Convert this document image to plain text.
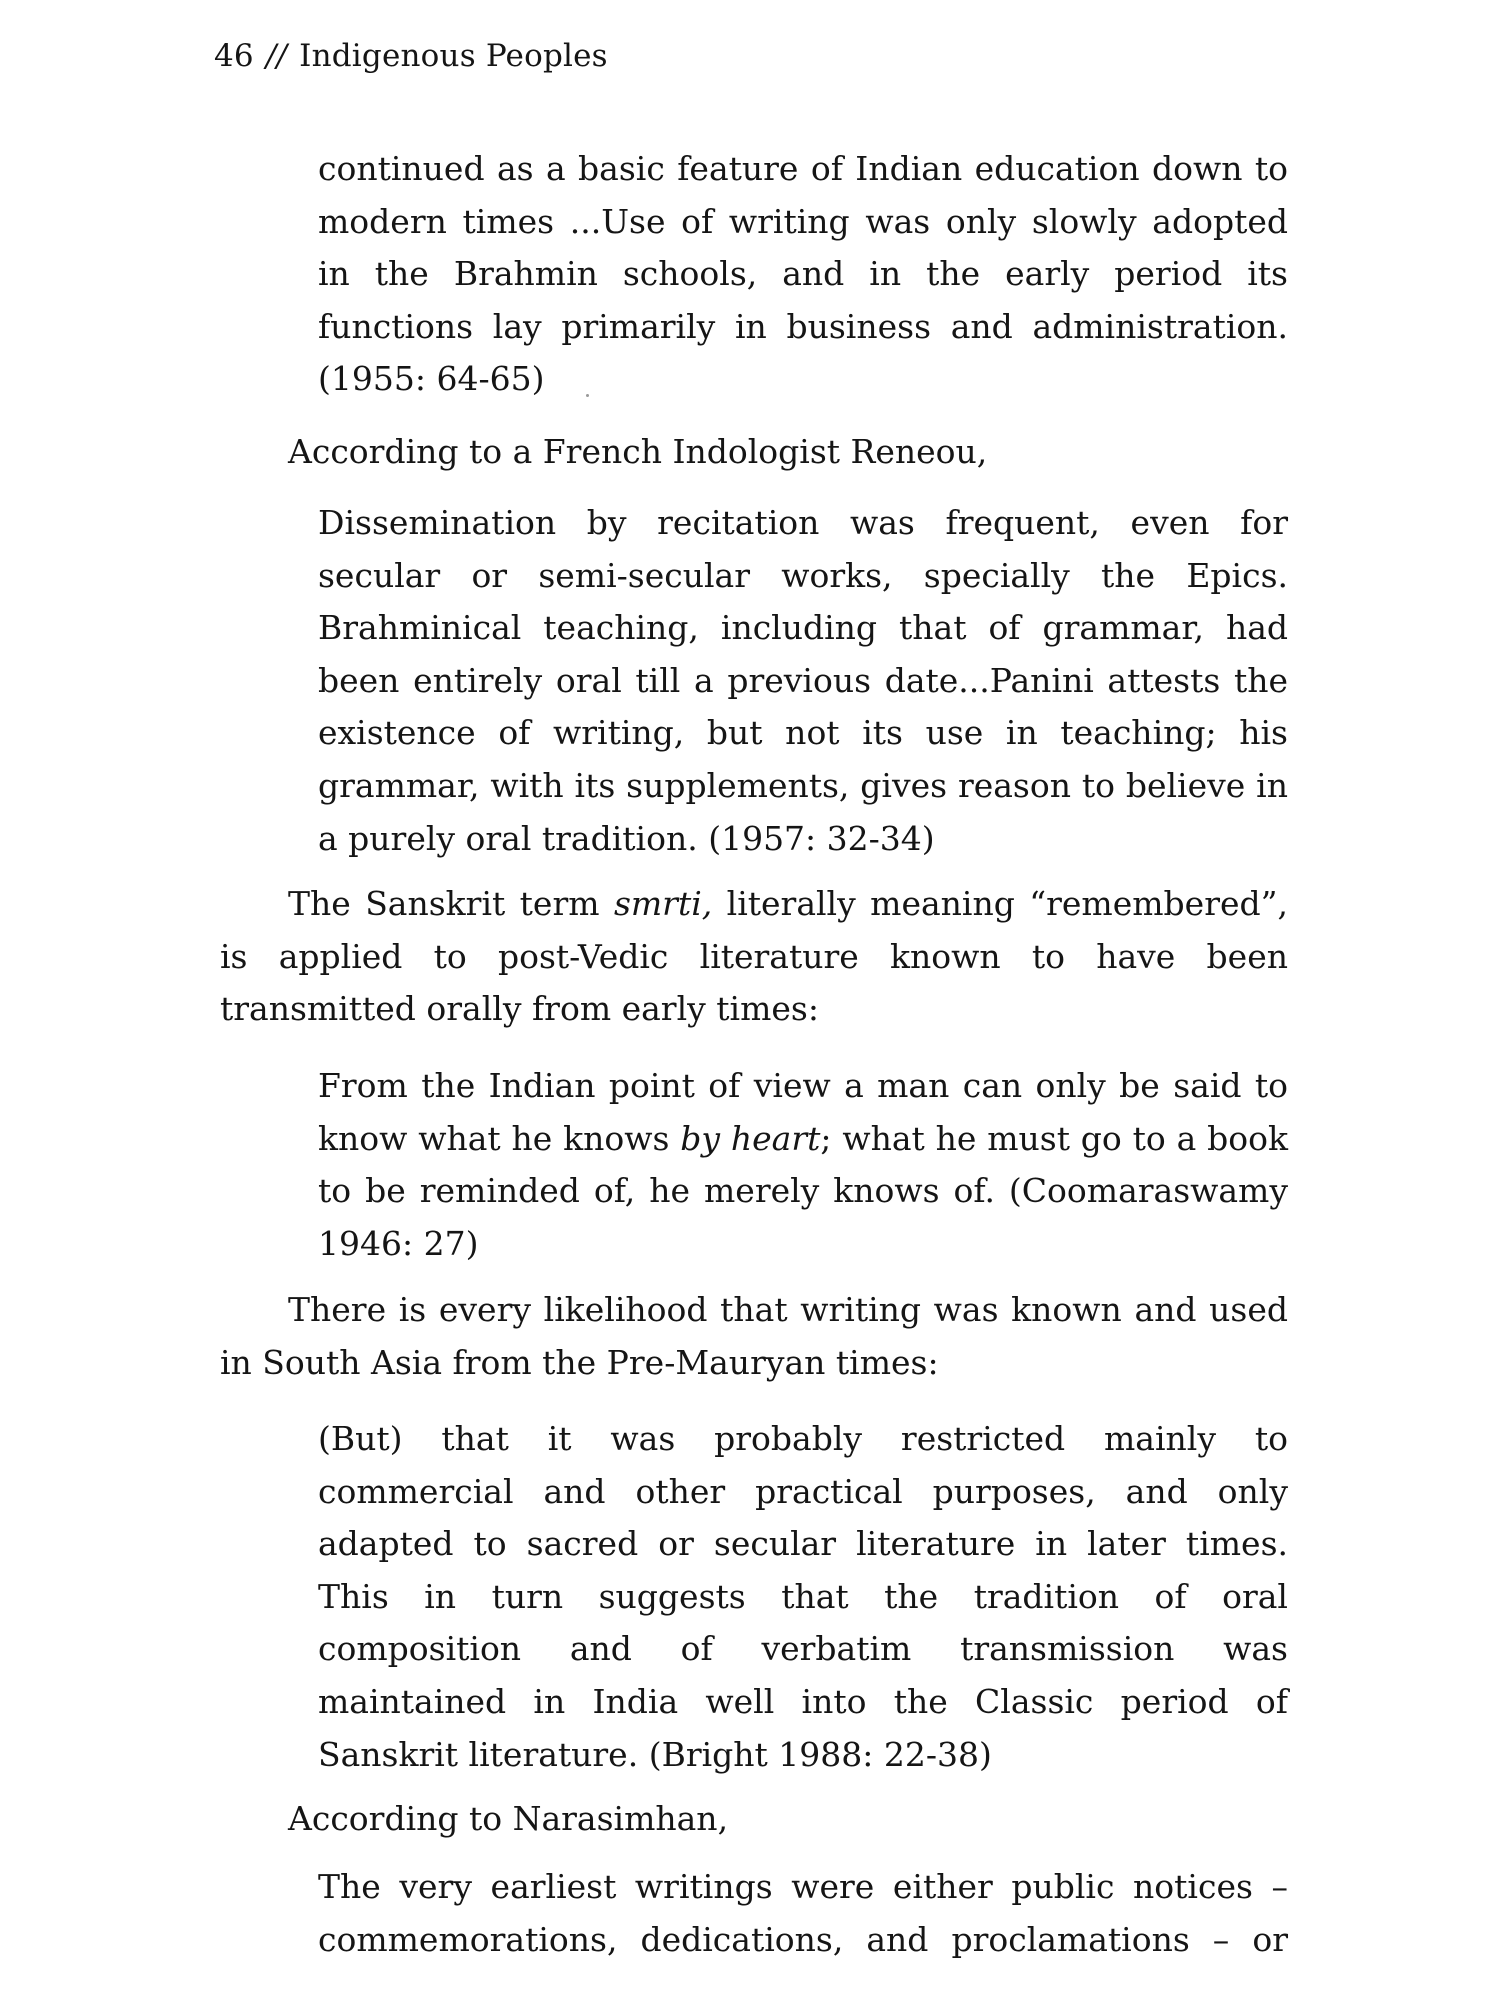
46 // Indigenous Peoples

continued as a basic feature of Indian education down to modern times ...Use of writing was only slowly adopted in the Brahmin schools, and in the early period its functions lay primarily in business and administration. (1955: 64-65)

According to a French Indologist Reneou,

Dissemination by recitation was frequent, even for secular or semi-secular works, specially the Epics. Brahminical teaching, including that of grammar, had been entirely oral till a previous date...Panini attests the existence of writing, but not its use in teaching; his grammar, with its supplements, gives reason to believe in a purely oral tradition. (1957: 32-34)

The Sanskrit term smrti, literally meaning “remembered”, is applied to post-Vedic literature known to have been transmitted orally from early times:

From the Indian point of view a man can only be said to know what he knows by heart; what he must go to a book to be reminded of, he merely knows of. (Coomaraswamy 1946: 27)

There is every likelihood that writing was known and used in South Asia from the Pre-Mauryan times:

(But) that it was probably restricted mainly to commercial and other practical purposes, and only adapted to sacred or secular literature in later times. This in turn suggests that the tradition of oral composition and of verbatim transmission was maintained in India well into the Classic period of Sanskrit literature. (Bright 1988: 22-38)

According to Narasimhan,

The very earliest writings were either public notices – commemorations, dedications, and proclamations – or
